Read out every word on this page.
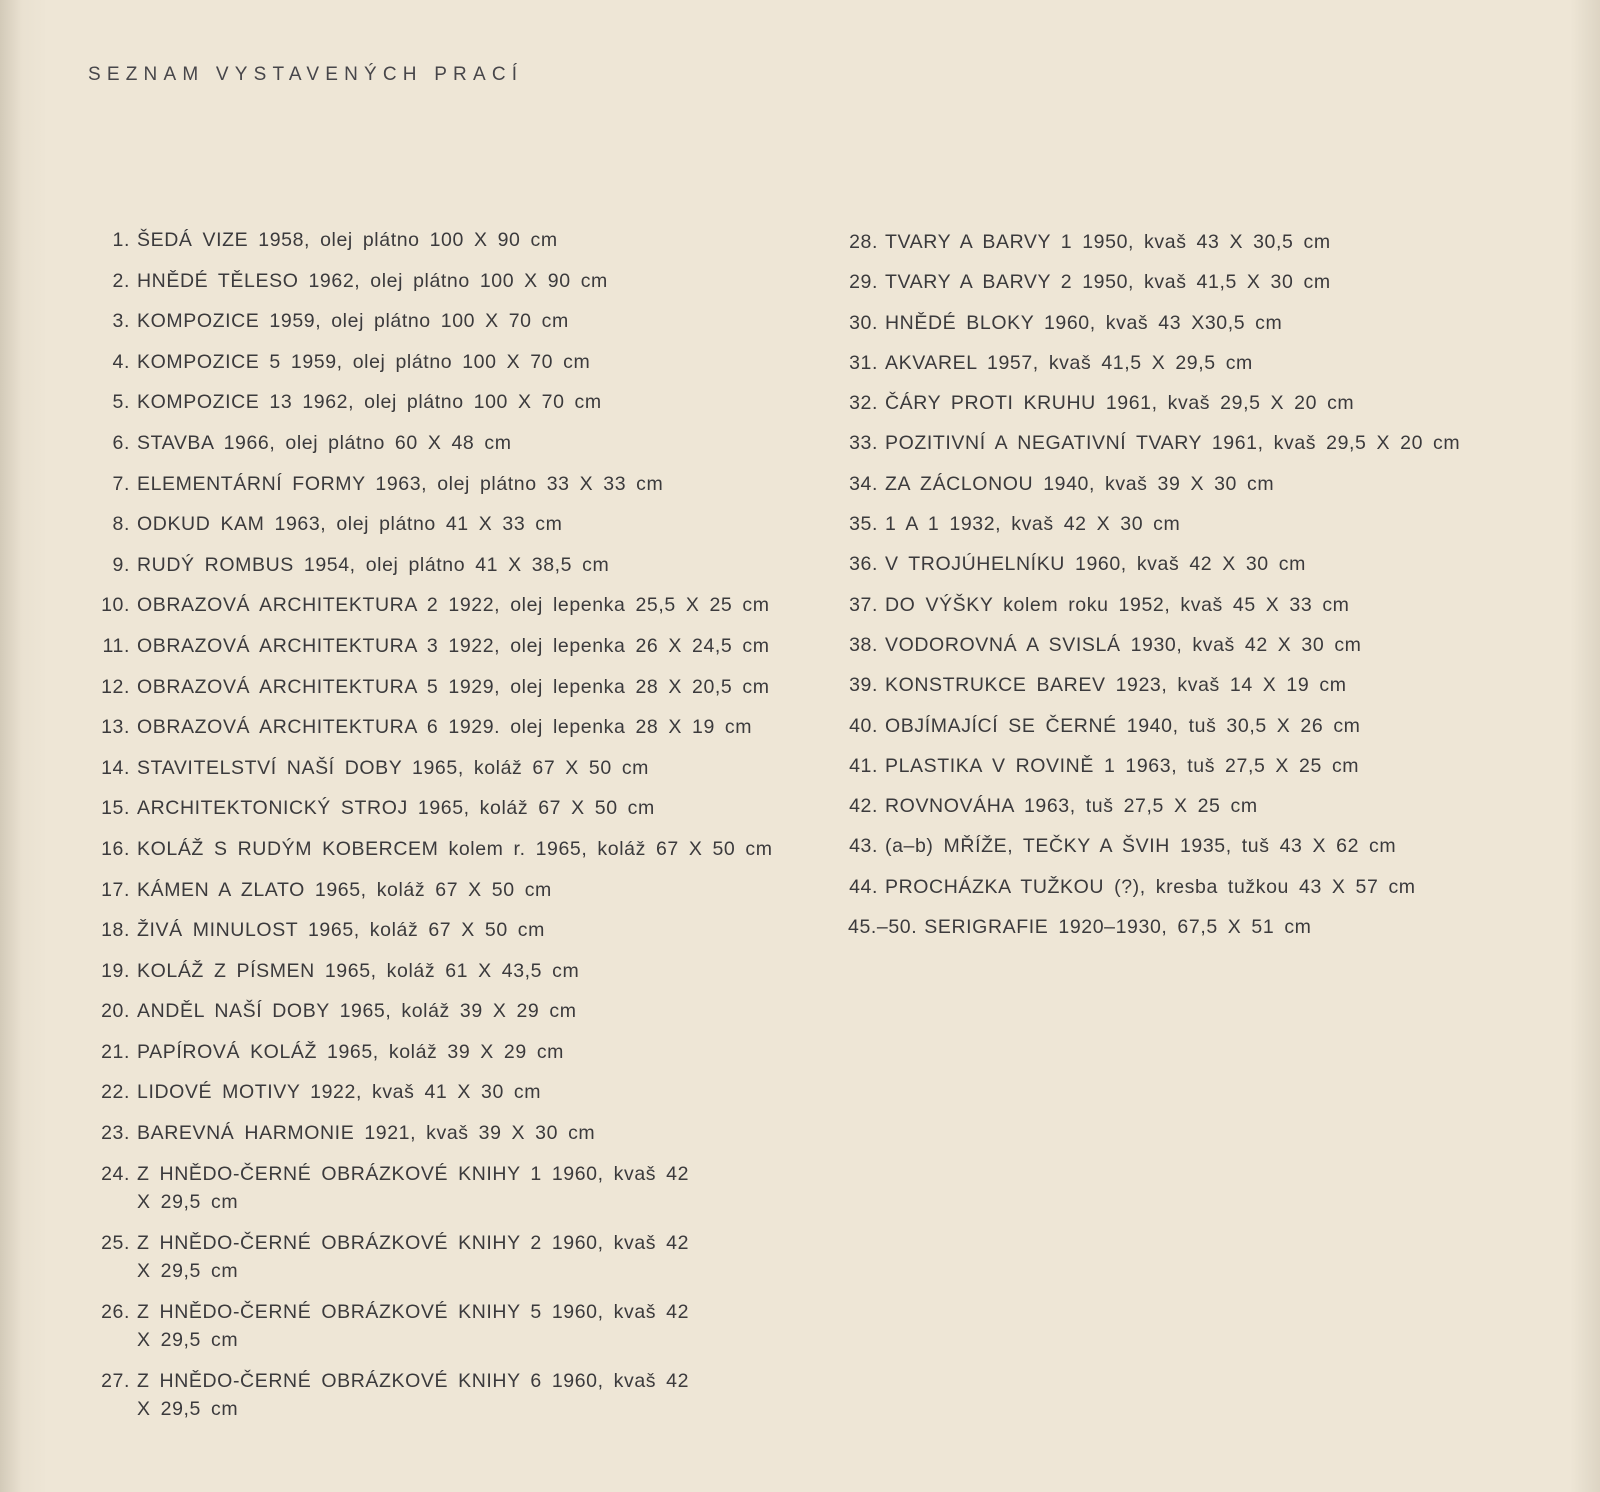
SEZNAM VYSTAVENÝCH PRACÍ
1. ŠEDÁ VIZE 1958, olej plátno 100 X 90 cm
2. HNĚDÉ TĚLESO 1962, olej plátno 100 X 90 cm
3. KOMPOZICE 1959, olej plátno 100 X 70 cm
4. KOMPOZICE 5 1959, olej plátno 100 X 70 cm
5. KOMPOZICE 13 1962, olej plátno 100 X 70 cm
6. STAVBA 1966, olej plátno 60 X 48 cm
7. ELEMENTÁRNÍ FORMY 1963, olej plátno 33 X 33 cm
8. ODKUD KAM 1963, olej plátno 41 X 33 cm
9. RUDÝ ROMBUS 1954, olej plátno 41 X 38,5 cm
10. OBRAZOVÁ ARCHITEKTURA 2 1922, olej lepenka 25,5 X 25 cm
11. OBRAZOVÁ ARCHITEKTURA 3 1922, olej lepenka 26 X 24,5 cm
12. OBRAZOVÁ ARCHITEKTURA 5 1929, olej lepenka 28 X 20,5 cm
13. OBRAZOVÁ ARCHITEKTURA 6 1929. olej lepenka 28 X 19 cm
14. STAVITELSTVÍ NAŠÍ DOBY 1965, koláž 67 X 50 cm
15. ARCHITEKTONICKÝ STROJ 1965, koláž 67 X 50 cm
16. KOLÁŽ S RUDÝM KOBERCEM kolem r. 1965, koláž 67 X 50 cm
17. KÁMEN A ZLATO 1965, koláž 67 X 50 cm
18. ŽIVÁ MINULOST 1965, koláž 67 X 50 cm
19. KOLÁŽ Z PÍSMEN 1965, koláž 61 X 43,5 cm
20. ANDĚL NAŠÍ DOBY 1965, koláž 39 X 29 cm
21. PAPÍROVÁ KOLÁŽ 1965, koláž 39 X 29 cm
22. LIDOVÉ MOTIVY 1922, kvaš 41 X 30 cm
23. BAREVNÁ HARMONIE 1921, kvaš 39 X 30 cm
24. Z HNĚDO-ČERNÉ OBRÁZKOVÉ KNIHY 1 1960, kvaš 42 X 29,5 cm
25. Z HNĚDO-ČERNÉ OBRÁZKOVÉ KNIHY 2 1960, kvaš 42 X 29,5 cm
26. Z HNĚDO-ČERNÉ OBRÁZKOVÉ KNIHY 5 1960, kvaš 42 X 29,5 cm
27. Z HNĚDO-ČERNÉ OBRÁZKOVÉ KNIHY 6 1960, kvaš 42 X 29,5 cm
28. TVARY A BARVY 1 1950, kvaš 43 X 30,5 cm
29. TVARY A BARVY 2 1950, kvaš 41,5 X 30 cm
30. HNĚDÉ BLOKY 1960, kvaš 43 X30,5 cm
31. AKVAREL 1957, kvaš 41,5 X 29,5 cm
32. ČÁRY PROTI KRUHU 1961, kvaš 29,5 X 20 cm
33. POZITIVNÍ A NEGATIVNÍ TVARY 1961, kvaš 29,5 X 20 cm
34. ZA ZÁCLONOU 1940, kvaš 39 X 30 cm
35. 1 A 1 1932, kvaš 42 X 30 cm
36. V TROJÚHELNÍKU 1960, kvaš 42 X 30 cm
37. DO VÝŠKY kolem roku 1952, kvaš 45 X 33 cm
38. VODOROVNÁ A SVISLÁ 1930, kvaš 42 X 30 cm
39. KONSTRUKCE BAREV 1923, kvaš 14 X 19 cm
40. OBJÍMAJÍCÍ SE ČERNÉ 1940, tuš 30,5 X 26 cm
41. PLASTIKA V ROVINĚ 1 1963, tuš 27,5 X 25 cm
42. ROVNOVÁHA 1963, tuš 27,5 X 25 cm
43. (a–b) MŘÍŽE, TEČKY A ŠVIH 1935, tuš 43 X 62 cm
44. PROCHÁZKA TUŽKOU (?), kresba tužkou 43 X 57 cm
45.–50. SERIGRAFIE 1920–1930, 67,5 X 51 cm
